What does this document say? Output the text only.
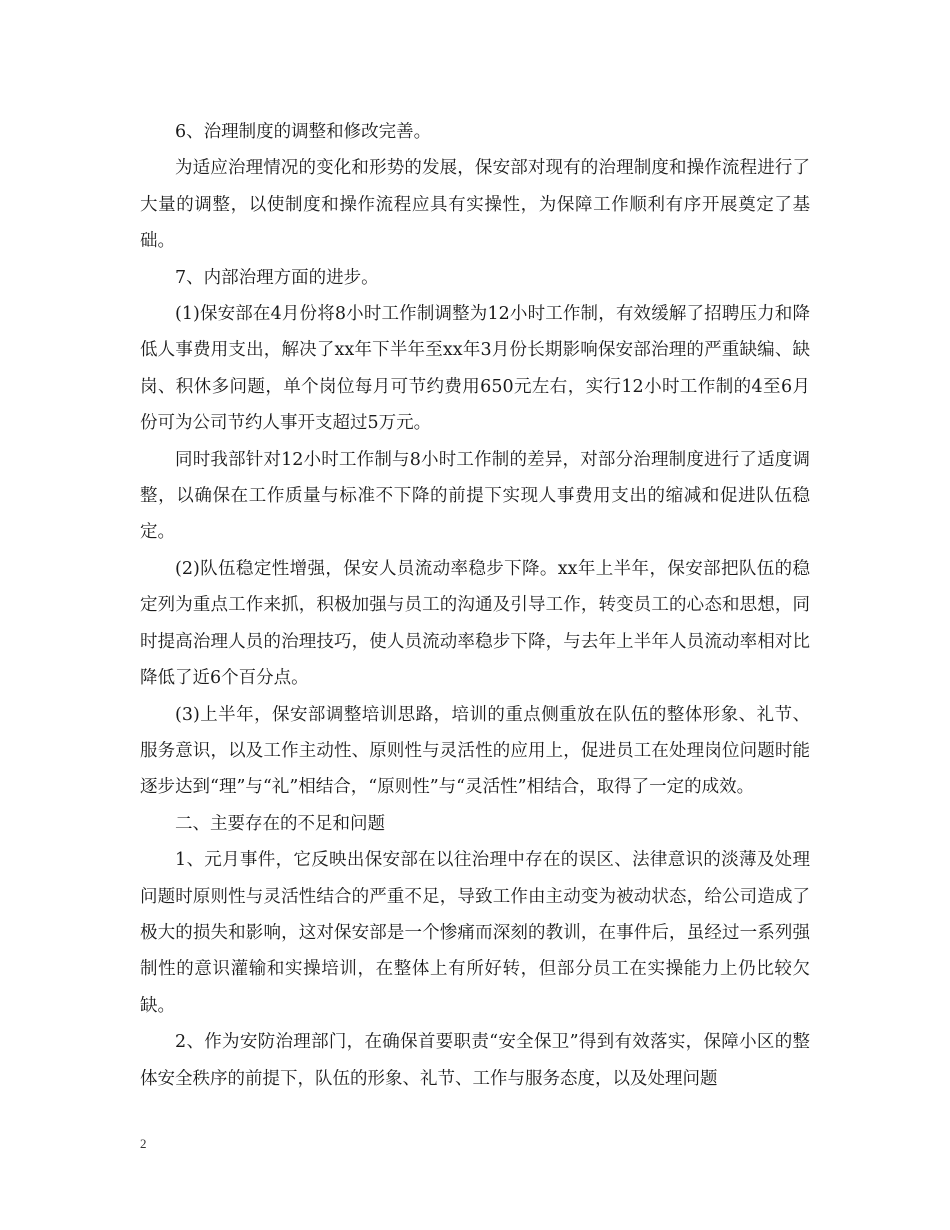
6、治理制度的调整和修改完善。

为适应治理情况的变化和形势的发展，保安部对现有的治理制度和操作流程进行了大量的调整，以使制度和操作流程应具有实操性，为保障工作顺利有序开展奠定了基础。

7、内部治理方面的进步。

(1)保安部在4月份将8小时工作制调整为12小时工作制，有效缓解了招聘压力和降低人事费用支出，解决了xx年下半年至xx年3月份长期影响保安部治理的严重缺编、缺岗、积休多问题，单个岗位每月可节约费用650元左右，实行12小时工作制的4至6月份可为公司节约人事开支超过5万元。

同时我部针对12小时工作制与8小时工作制的差异，对部分治理制度进行了适度调整，以确保在工作质量与标准不下降的前提下实现人事费用支出的缩减和促进队伍稳定。

(2)队伍稳定性增强，保安人员流动率稳步下降。xx年上半年，保安部把队伍的稳定列为重点工作来抓，积极加强与员工的沟通及引导工作，转变员工的心态和思想，同时提高治理人员的治理技巧，使人员流动率稳步下降，与去年上半年人员流动率相对比降低了近6个百分点。

(3)上半年，保安部调整培训思路，培训的重点侧重放在队伍的整体形象、礼节、服务意识，以及工作主动性、原则性与灵活性的应用上，促进员工在处理岗位问题时能逐步达到“理”与“礼”相结合，“原则性”与“灵活性”相结合，取得了一定的成效。

二、主要存在的不足和问题

1、元月事件，它反映出保安部在以往治理中存在的误区、法律意识的淡薄及处理问题时原则性与灵活性结合的严重不足，导致工作由主动变为被动状态，给公司造成了极大的损失和影响，这对保安部是一个惨痛而深刻的教训，在事件后，虽经过一系列强制性的意识灌输和实操培训，在整体上有所好转，但部分员工在实操能力上仍比较欠缺。

2、作为安防治理部门，在确保首要职责“安全保卫”得到有效落实，保障小区的整体安全秩序的前提下，队伍的形象、礼节、工作与服务态度，以及处理问题

2
